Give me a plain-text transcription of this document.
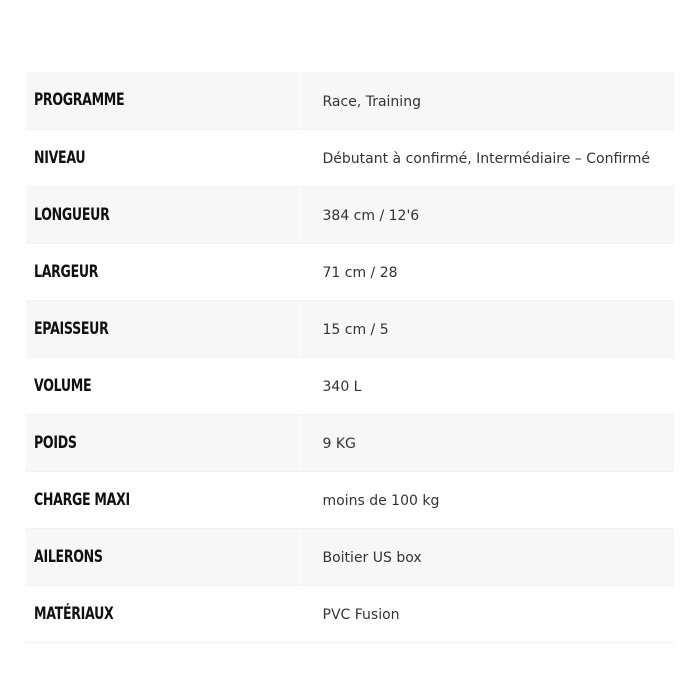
PROGRAMME	Race, Training
NIVEAU	Débutant à confirmé, Intermédiaire – Confirmé
LONGUEUR	384 cm / 12'6
LARGEUR	71 cm / 28
EPAISSEUR	15 cm / 5
VOLUME	340 L
POIDS	9 KG
CHARGE MAXI	moins de 100 kg
AILERONS	Boitier US box
MATÉRIAUX	PVC Fusion
